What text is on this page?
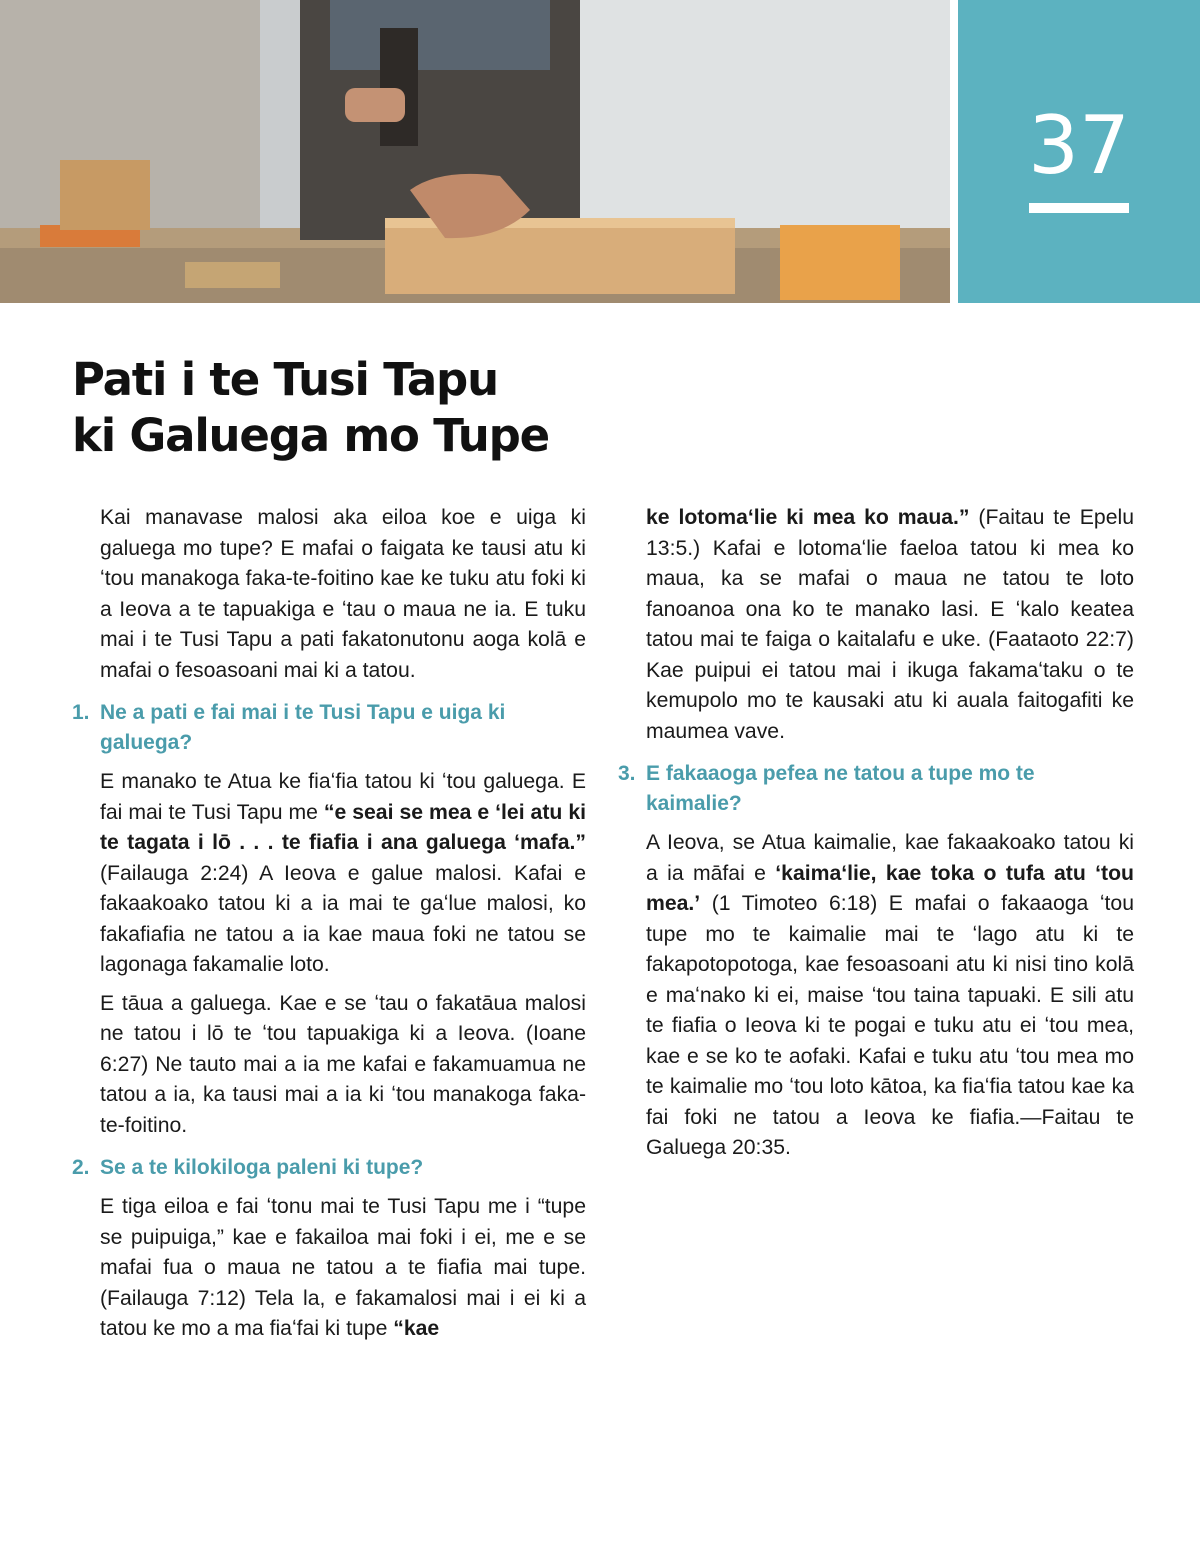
37
Pati i te Tusi Tapu
ki Galuega mo Tupe

Kai manavase malosi aka eiloa koe e uiga ki galuega mo tupe? E mafai o faigata ke tausi atu ki ʻtou manakoga faka-te-foitino kae ke tuku atu foki ki a Ieova a te tapuakiga e ʻtau o maua ne ia. E tuku mai i te Tusi Tapu a pati fakatonutonu aoga kolā e mafai o fesoasoani mai ki a tatou.

1. Ne a pati e fai mai i te Tusi Tapu e uiga ki galuega?

E manako te Atua ke fiaʻfia tatou ki ʻtou galuega. E fai mai te Tusi Tapu me “e seai se mea e ʻlei atu ki te tagata i lō . . . te fiafia i ana galuega ʻmafa.” (Failauga 2:24) A Ieova e galue malosi. Kafai e fakaakoako tatou ki a ia mai te gaʻlue malosi, ko fakafiafia ne tatou a ia kae maua foki ne tatou se lagonaga fakamalie loto.

E tāua a galuega. Kae e se ʻtau o fakatāua malosi ne tatou i lō te ʻtou tapuakiga ki a Ieova. (Ioane 6:27) Ne tauto mai a ia me kafai e fakamuamua ne tatou a ia, ka tausi mai a ia ki ʻtou manakoga faka-te-foitino.

2. Se a te kilokiloga paleni ki tupe?

E tiga eiloa e fai ʻtonu mai te Tusi Tapu me i “tupe se puipuiga,” kae e fakailoa mai foki i ei, me e se mafai fua o maua ne tatou a te fiafia mai tupe. (Failauga 7:12) Tela la, e fakamalosi mai i ei ki a tatou ke mo a ma fiaʻfai ki tupe “kae

ke lotomaʻlie ki mea ko maua.” (Faitau te Epelu 13:5.) Kafai e lotomaʻlie faeloa tatou ki mea ko maua, ka se mafai o maua ne tatou te loto fanoanoa ona ko te manako lasi. E ʻkalo keatea tatou mai te faiga o kaitalafu e uke. (Faataoto 22:7) Kae puipui ei tatou mai i ikuga fakamaʻtaku o te kemupolo mo te kausaki atu ki auala faitogafiti ke maumea vave.

3. E fakaaoga pefea ne tatou a tupe mo te kaimalie?

A Ieova, se Atua kaimalie, kae fakaakoako tatou ki a ia māfai e ‘kaimaʻlie, kae toka o tufa atu ʻtou mea.’ (1 Timoteo 6:18) E mafai o fakaaoga ʻtou tupe mo te kaimalie mai te ʻlago atu ki te fakapotopotoga, kae fesoasoani atu ki nisi tino kolā e maʻnako ki ei, maise ʻtou taina tapuaki. E sili atu te fiafia o Ieova ki te pogai e tuku atu ei ʻtou mea, kae e se ko te aofaki. Kafai e tuku atu ʻtou mea mo te kaimalie mo ʻtou loto kātoa, ka fiaʻfia tatou kae ka fai foki ne tatou a Ieova ke fiafia.—Faitau te Galuega 20:35.
